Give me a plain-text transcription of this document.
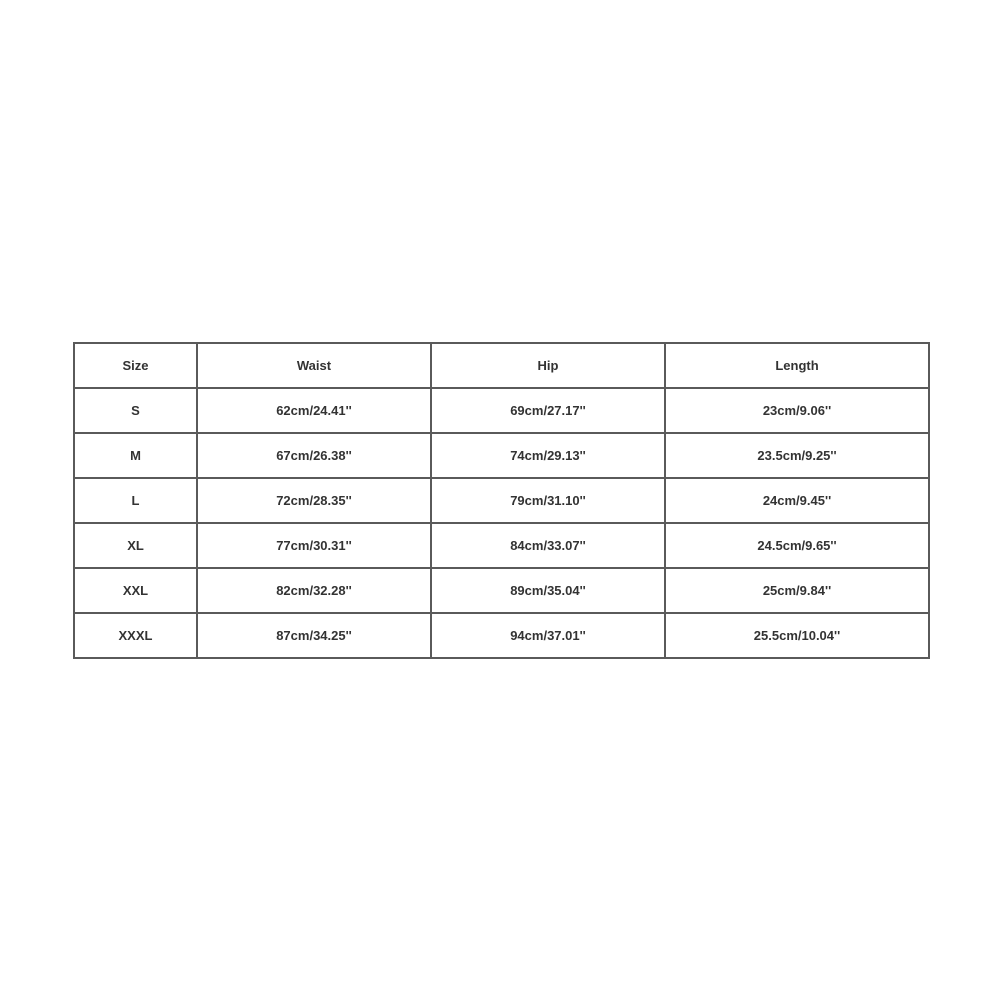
Size	Waist	Hip	Length
S	62cm/24.41''	69cm/27.17''	23cm/9.06''
M	67cm/26.38''	74cm/29.13''	23.5cm/9.25''
L	72cm/28.35''	79cm/31.10''	24cm/9.45''
XL	77cm/30.31''	84cm/33.07''	24.5cm/9.65''
XXL	82cm/32.28''	89cm/35.04''	25cm/9.84''
XXXL	87cm/34.25''	94cm/37.01''	25.5cm/10.04''
